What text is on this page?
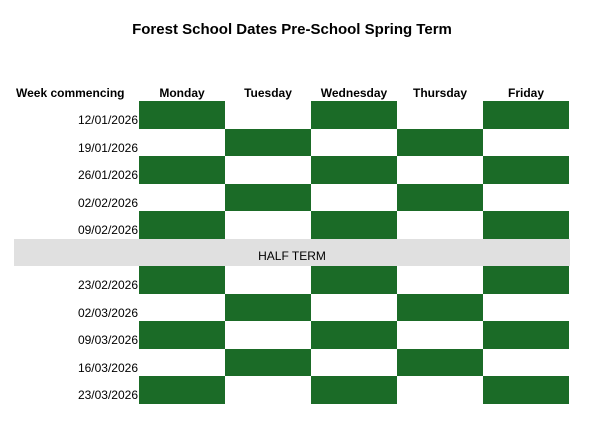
Forest School Dates Pre-School Spring Term
Week commencing	Monday	Tuesday	Wednesday	Thursday	Friday
12/01/2026
19/01/2026
26/01/2026
02/02/2026
09/02/2026
HALF TERM
23/02/2026
02/03/2026
09/03/2026
16/03/2026
23/03/2026
